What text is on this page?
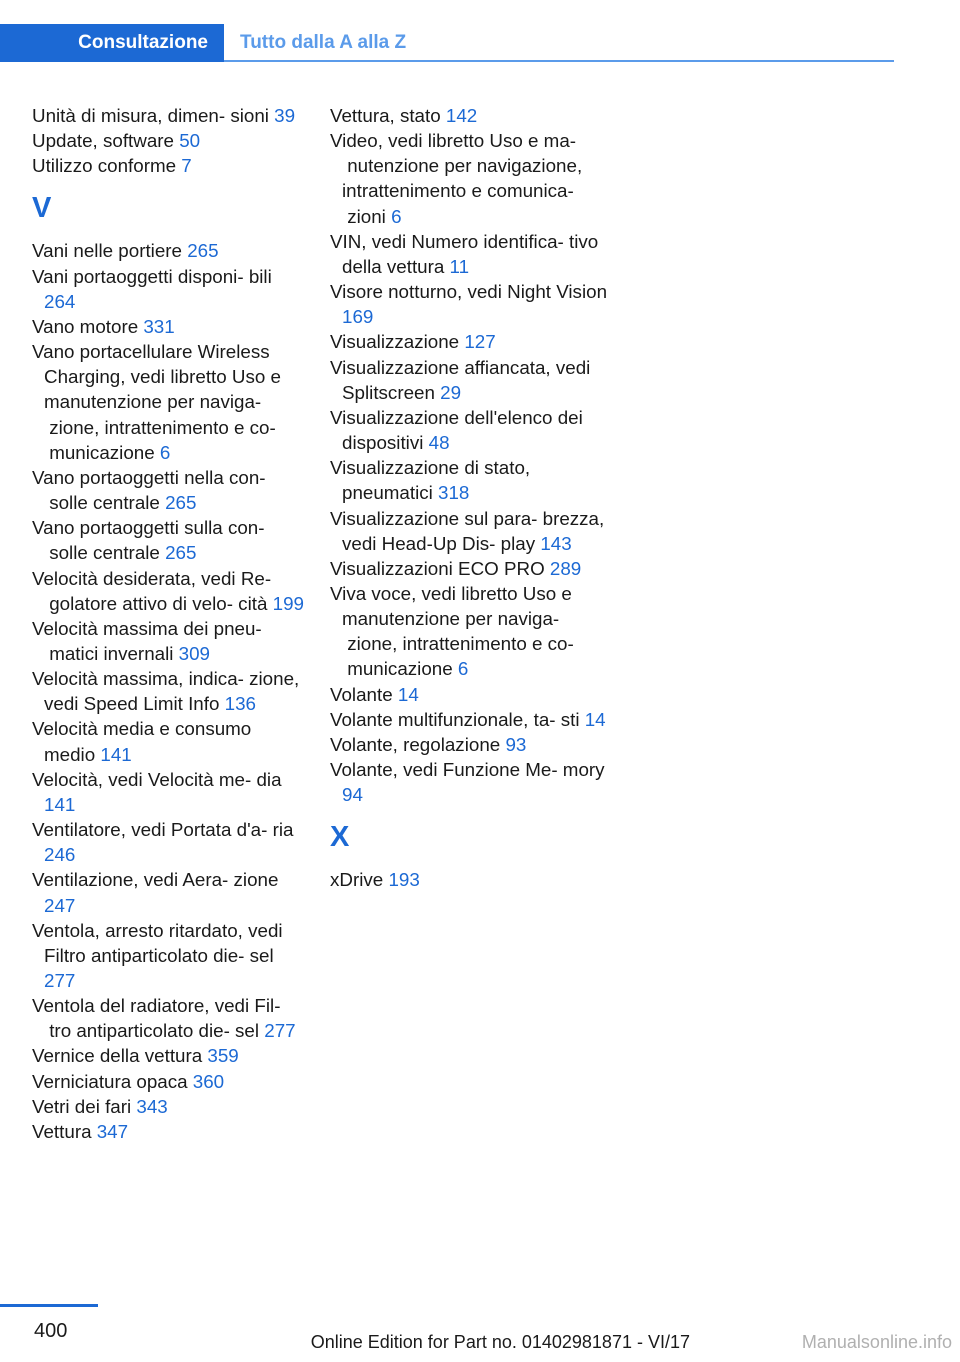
Consultazione	Tutto dalla A alla Z
Unità di misura, dimen- sioni 39
Update, software 50
Utilizzo conforme 7
V
Vani nelle portiere 265
Vani portaoggetti disponi- bili 264
Vano motore 331
Vano portacellulare Wireless Charging, vedi libretto Uso e manutenzione per naviga- zione, intrattenimento e co- municazione 6
Vano portaoggetti nella con- solle centrale 265
Vano portaoggetti sulla con- solle centrale 265
Velocità desiderata, vedi Re- golatore attivo di velo- cità 199
Velocità massima dei pneu- matici invernali 309
Velocità massima, indica- zione, vedi Speed Limit Info 136
Velocità media e consumo medio 141
Velocità, vedi Velocità me- dia 141
Ventilatore, vedi Portata d'a- ria 246
Ventilazione, vedi Aera- zione 247
Ventola, arresto ritardato, vedi Filtro antiparticolato die- sel 277
Ventola del radiatore, vedi Fil- tro antiparticolato die- sel 277
Vernice della vettura 359
Verniciatura opaca 360
Vetri dei fari 343
Vettura 347
Vettura, stato 142
Video, vedi libretto Uso e ma- nutenzione per navigazione, intrattenimento e comunica- zioni 6
VIN, vedi Numero identifica- tivo della vettura 11
Visore notturno, vedi Night Vision 169
Visualizzazione 127
Visualizzazione affiancata, vedi Splitscreen 29
Visualizzazione dell'elenco dei dispositivi 48
Visualizzazione di stato, pneumatici 318
Visualizzazione sul para- brezza, vedi Head-Up Dis- play 143
Visualizzazioni ECO PRO 289
Viva voce, vedi libretto Uso e manutenzione per naviga- zione, intrattenimento e co- municazione 6
Volante 14
Volante multifunzionale, ta- sti 14
Volante, regolazione 93
Volante, vedi Funzione Me- mory 94
X
xDrive 193
400	Online Edition for Part no. 01402981871 - VI/17	Manualsonline.info
